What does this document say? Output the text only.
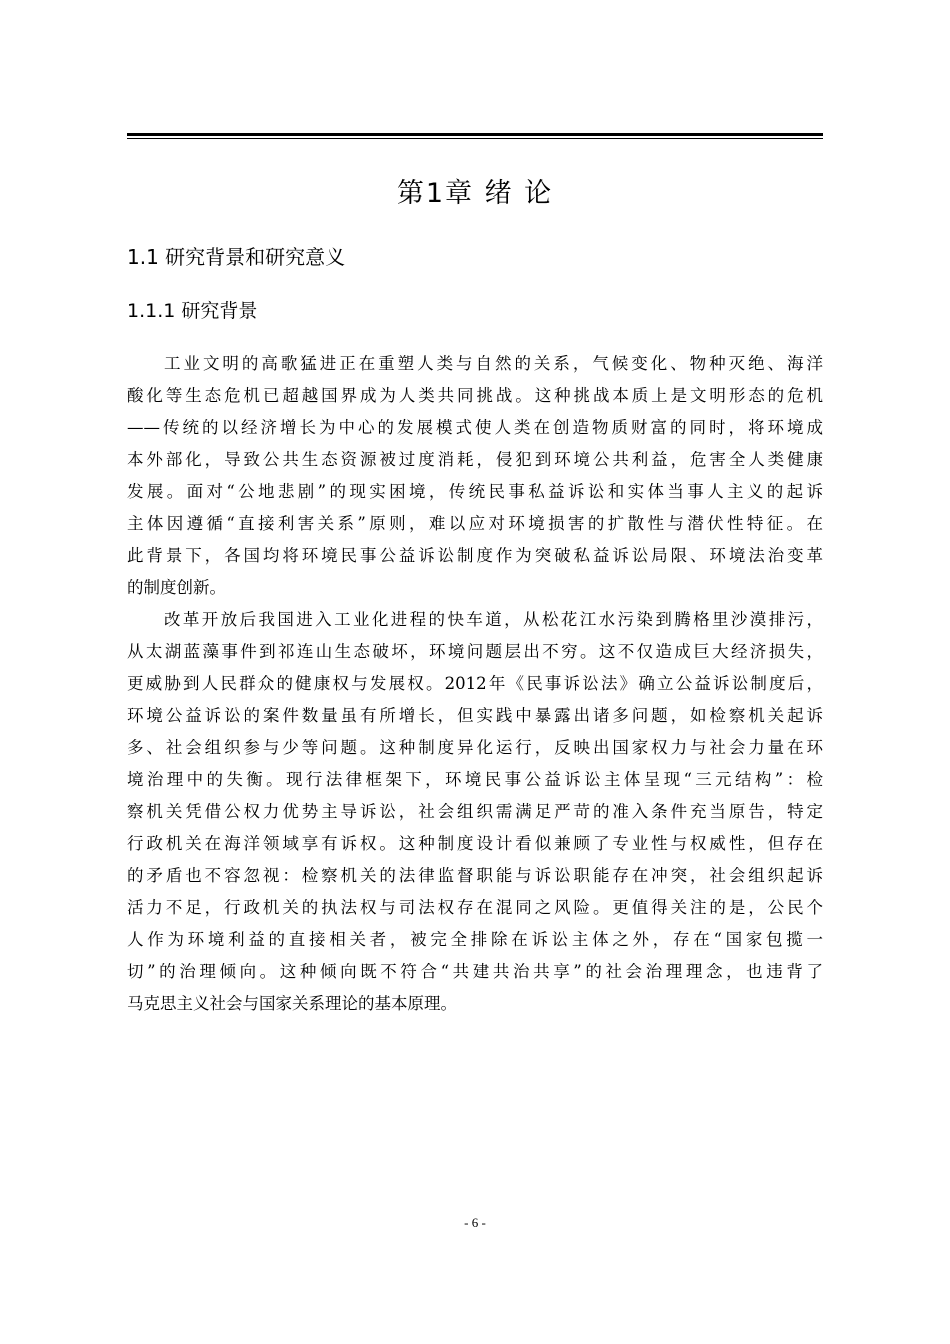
第1章 绪 论
1.1 研究背景和研究意义
1.1.1 研究背景
工业文明的高歌猛进正在重塑人类与自然的关系，气候变化、物种灭绝、海洋
酸化等生态危机已超越国界成为人类共同挑战。这种挑战本质上是文明形态的危机
——传统的以经济增长为中心的发展模式使人类在创造物质财富的同时，将环境成
本外部化，导致公共生态资源被过度消耗，侵犯到环境公共利益，危害全人类健康
发展。面对“公地悲剧”的现实困境，传统民事私益诉讼和实体当事人主义的起诉
主体因遵循“直接利害关系”原则，难以应对环境损害的扩散性与潜伏性特征。在
此背景下，各国均将环境民事公益诉讼制度作为突破私益诉讼局限、环境法治变革
的制度创新。
改革开放后我国进入工业化进程的快车道，从松花江水污染到腾格里沙漠排污，
从太湖蓝藻事件到祁连山生态破坏，环境问题层出不穷。这不仅造成巨大经济损失，
更威胁到人民群众的健康权与发展权。2012年《民事诉讼法》确立公益诉讼制度后，
环境公益诉讼的案件数量虽有所增长，但实践中暴露出诸多问题，如检察机关起诉
多、社会组织参与少等问题。这种制度异化运行，反映出国家权力与社会力量在环
境治理中的失衡。现行法律框架下，环境民事公益诉讼主体呈现“三元结构”：检
察机关凭借公权力优势主导诉讼，社会组织需满足严苛的准入条件充当原告，特定
行政机关在海洋领域享有诉权。这种制度设计看似兼顾了专业性与权威性，但存在
的矛盾也不容忽视：检察机关的法律监督职能与诉讼职能存在冲突，社会组织起诉
活力不足，行政机关的执法权与司法权存在混同之风险。更值得关注的是，公民个
人作为环境利益的直接相关者，被完全排除在诉讼主体之外，存在“国家包揽一
切”的治理倾向。这种倾向既不符合“共建共治共享”的社会治理理念，也违背了
马克思主义社会与国家关系理论的基本原理。
- 6 -
